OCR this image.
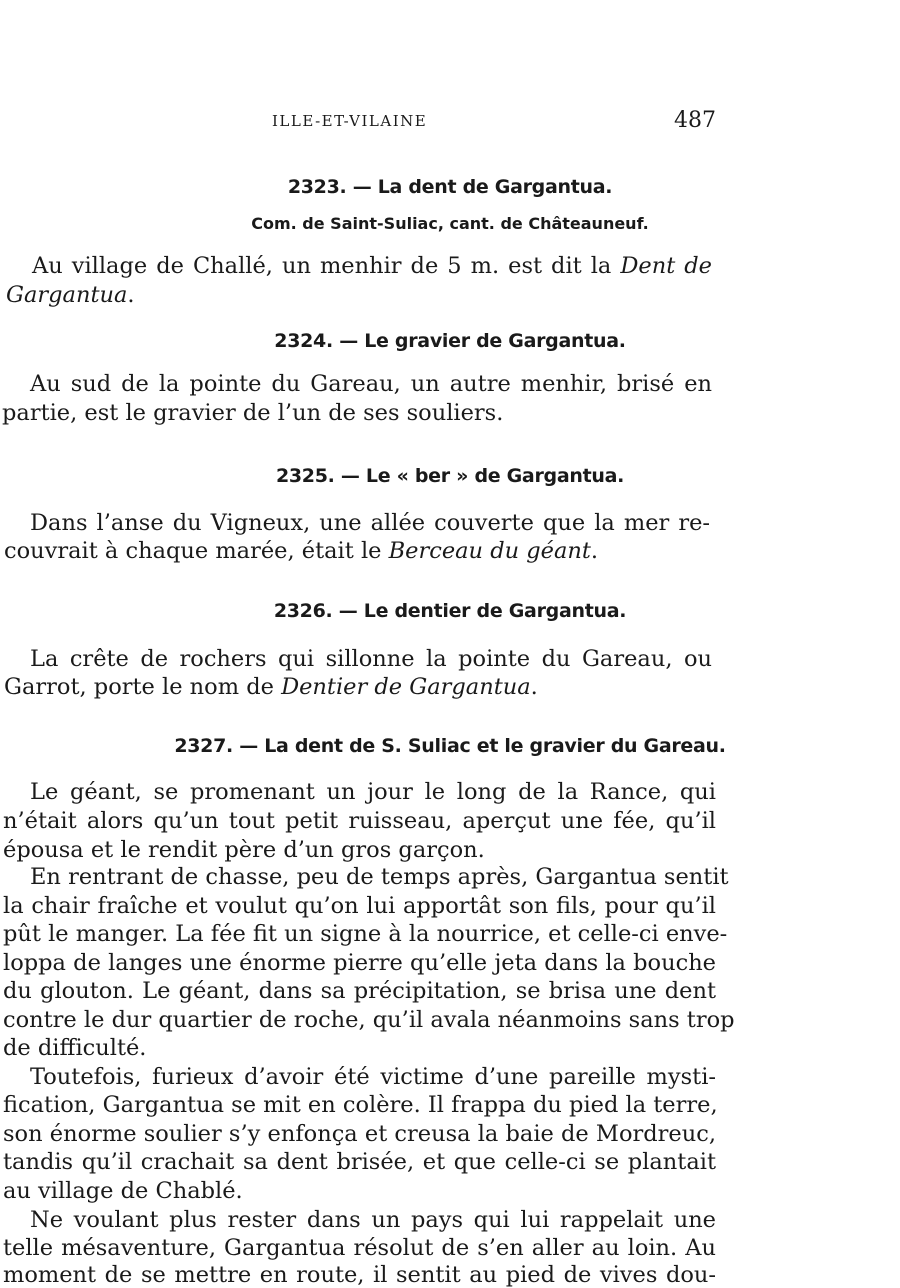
ILLE-ET-VILAINE	487
2323. — La dent de Gargantua.
Com. de Saint-Suliac, cant. de Châteauneuf.
Au village de Challé, un menhir de 5 m. est dit la Dent de
Gargantua.
2324. — Le gravier de Gargantua.
Au sud de la pointe du Gareau, un autre menhir, brisé en
partie, est le gravier de l’un de ses souliers.
2325. — Le « ber » de Gargantua.
Dans l’anse du Vigneux, une allée couverte que la mer re-
couvrait à chaque marée, était le Berceau du géant.
2326. — Le dentier de Gargantua.
La crête de rochers qui sillonne la pointe du Gareau, ou
Garrot, porte le nom de Dentier de Gargantua.
2327. — La dent de S. Suliac et le gravier du Gareau.
Le géant, se promenant un jour le long de la Rance, qui
n’était alors qu’un tout petit ruisseau, aperçut une fée, qu’il
épousa et le rendit père d’un gros garçon.
En rentrant de chasse, peu de temps après, Gargantua sentit
la chair fraîche et voulut qu’on lui apportât son fils, pour qu’il
pût le manger. La fée fit un signe à la nourrice, et celle-ci enve-
loppa de langes une énorme pierre qu’elle jeta dans la bouche
du glouton. Le géant, dans sa précipitation, se brisa une dent
contre le dur quartier de roche, qu’il avala néanmoins sans trop
de difficulté.
Toutefois, furieux d’avoir été victime d’une pareille mysti-
fication, Gargantua se mit en colère. Il frappa du pied la terre,
son énorme soulier s’y enfonça et creusa la baie de Mordreuc,
tandis qu’il crachait sa dent brisée, et que celle-ci se plantait
au village de Chablé.
Ne voulant plus rester dans un pays qui lui rappelait une
telle mésaventure, Gargantua résolut de s’en aller au loin. Au
moment de se mettre en route, il sentit au pied de vives dou-
